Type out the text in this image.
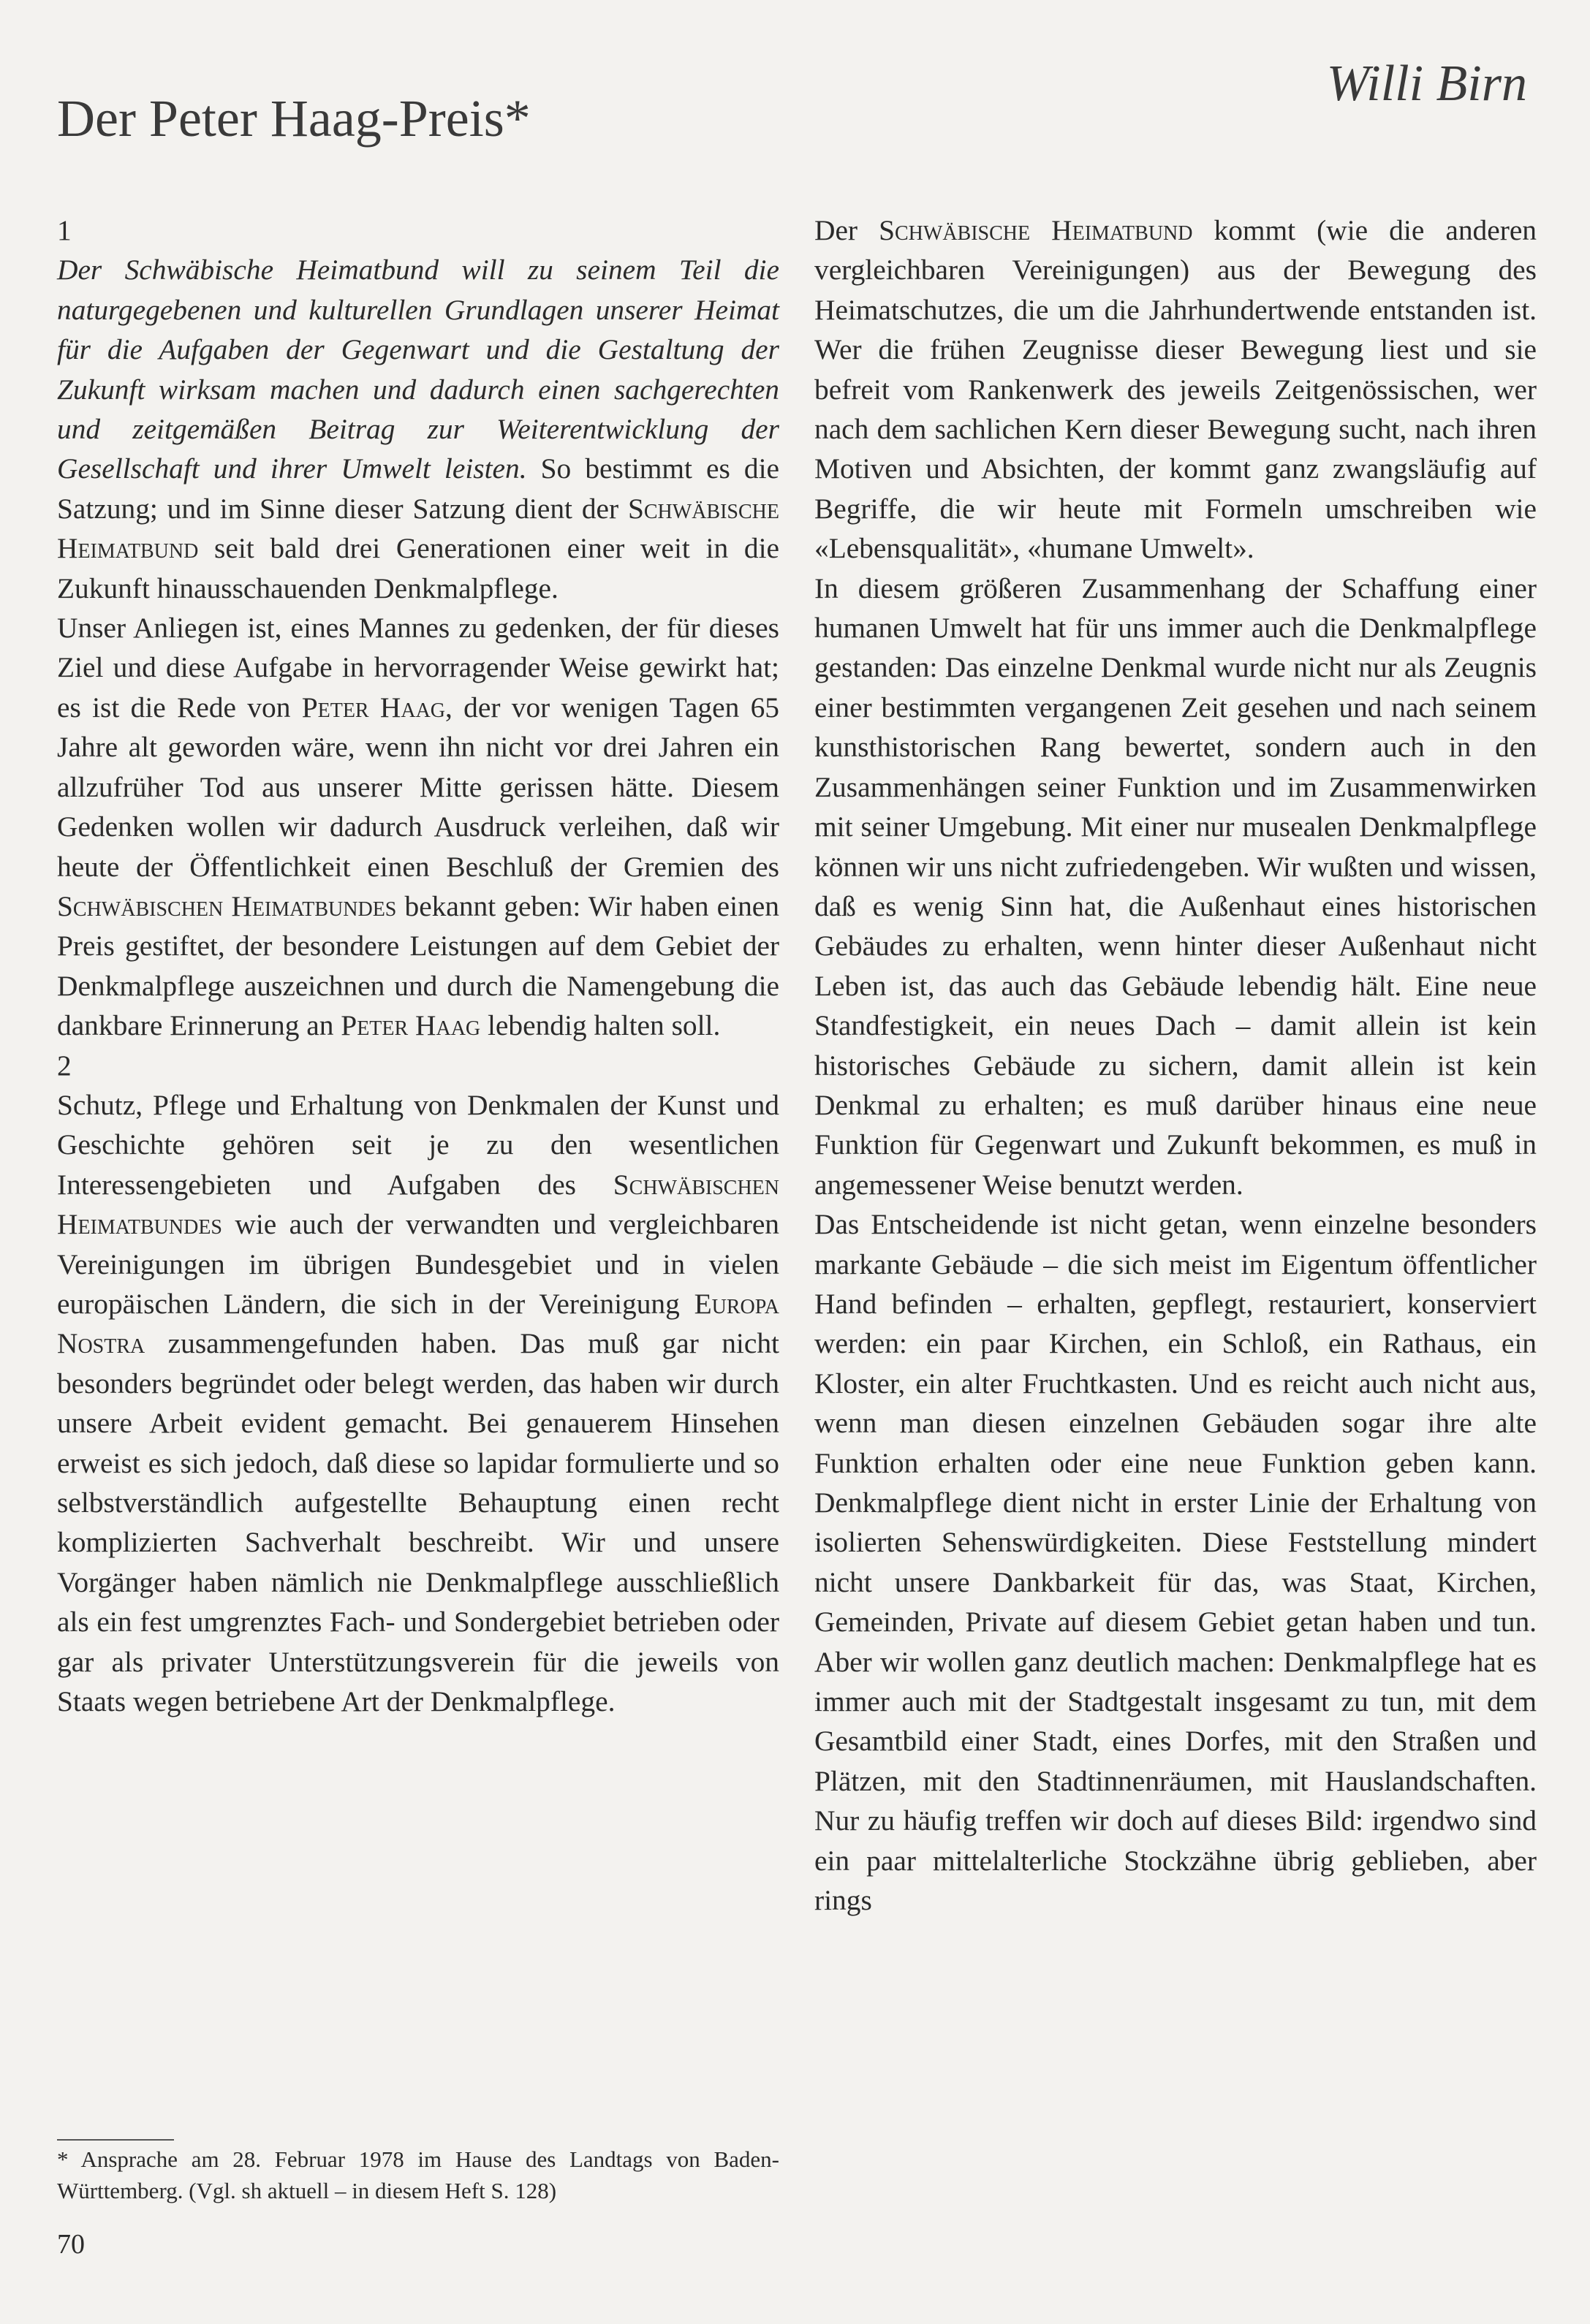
Der Peter Haag-Preis*
Willi Birn

1

Der Schwäbische Heimatbund will zu seinem Teil die naturgegebenen und kulturellen Grundlagen unserer Heimat für die Aufgaben der Gegenwart und die Gestaltung der Zukunft wirksam machen und dadurch einen sachgerechten und zeitgemäßen Beitrag zur Weiterentwicklung der Gesellschaft und ihrer Umwelt leisten. So bestimmt es die Satzung; und im Sinne dieser Satzung dient der Schwäbische Heimatbund seit bald drei Generationen einer weit in die Zukunft hinausschauenden Denkmalpflege.

Unser Anliegen ist, eines Mannes zu gedenken, der für dieses Ziel und diese Aufgabe in hervorragender Weise gewirkt hat; es ist die Rede von Peter Haag, der vor wenigen Tagen 65 Jahre alt geworden wäre, wenn ihn nicht vor drei Jahren ein allzufrüher Tod aus unserer Mitte gerissen hätte. Diesem Gedenken wollen wir dadurch Ausdruck verleihen, daß wir heute der Öffentlichkeit einen Beschluß der Gremien des Schwäbischen Heimatbundes bekannt geben: Wir haben einen Preis gestiftet, der besondere Leistungen auf dem Gebiet der Denkmalpflege auszeichnen und durch die Namengebung die dankbare Erinnerung an Peter Haag lebendig halten soll.

2

Schutz, Pflege und Erhaltung von Denkmalen der Kunst und Geschichte gehören seit je zu den wesentlichen Interessengebieten und Aufgaben des Schwäbischen Heimatbundes wie auch der verwandten und vergleichbaren Vereinigungen im übrigen Bundesgebiet und in vielen europäischen Ländern, die sich in der Vereinigung Europa Nostra zusammengefunden haben. Das muß gar nicht besonders begründet oder belegt werden, das haben wir durch unsere Arbeit evident gemacht. Bei genauerem Hinsehen erweist es sich jedoch, daß diese so lapidar formulierte und so selbstverständlich aufgestellte Behauptung einen recht komplizierten Sachverhalt beschreibt. Wir und unsere Vorgänger haben nämlich nie Denkmalpflege ausschließlich als ein fest umgrenztes Fach- und Sondergebiet betrieben oder gar als privater Unterstützungsverein für die jeweils von Staats wegen betriebene Art der Denkmalpflege.

Der Schwäbische Heimatbund kommt (wie die anderen vergleichbaren Vereinigungen) aus der Bewegung des Heimatschutzes, die um die Jahrhundertwende entstanden ist. Wer die frühen Zeugnisse dieser Bewegung liest und sie befreit vom Rankenwerk des jeweils Zeitgenössischen, wer nach dem sachlichen Kern dieser Bewegung sucht, nach ihren Motiven und Absichten, der kommt ganz zwangsläufig auf Begriffe, die wir heute mit Formeln umschreiben wie «Lebensqualität», «humane Umwelt».

In diesem größeren Zusammenhang der Schaffung einer humanen Umwelt hat für uns immer auch die Denkmalpflege gestanden: Das einzelne Denkmal wurde nicht nur als Zeugnis einer bestimmten vergangenen Zeit gesehen und nach seinem kunsthistorischen Rang bewertet, sondern auch in den Zusammenhängen seiner Funktion und im Zusammenwirken mit seiner Umgebung. Mit einer nur musealen Denkmalpflege können wir uns nicht zufriedengeben. Wir wußten und wissen, daß es wenig Sinn hat, die Außenhaut eines historischen Gebäudes zu erhalten, wenn hinter dieser Außenhaut nicht Leben ist, das auch das Gebäude lebendig hält. Eine neue Standfestigkeit, ein neues Dach – damit allein ist kein historisches Gebäude zu sichern, damit allein ist kein Denkmal zu erhalten; es muß darüber hinaus eine neue Funktion für Gegenwart und Zukunft bekommen, es muß in angemessener Weise benutzt werden.

Das Entscheidende ist nicht getan, wenn einzelne besonders markante Gebäude – die sich meist im Eigentum öffentlicher Hand befinden – erhalten, gepflegt, restauriert, konserviert werden: ein paar Kirchen, ein Schloß, ein Rathaus, ein Kloster, ein alter Fruchtkasten. Und es reicht auch nicht aus, wenn man diesen einzelnen Gebäuden sogar ihre alte Funktion erhalten oder eine neue Funktion geben kann. Denkmalpflege dient nicht in erster Linie der Erhaltung von isolierten Sehenswürdigkeiten. Diese Feststellung mindert nicht unsere Dankbarkeit für das, was Staat, Kirchen, Gemeinden, Private auf diesem Gebiet getan haben und tun. Aber wir wollen ganz deutlich machen: Denkmalpflege hat es immer auch mit der Stadtgestalt insgesamt zu tun, mit dem Gesamtbild einer Stadt, eines Dorfes, mit den Straßen und Plätzen, mit den Stadtinnenräumen, mit Hauslandschaften. Nur zu häufig treffen wir doch auf dieses Bild: irgendwo sind ein paar mittelalterliche Stockzähne übrig geblieben, aber rings

* Ansprache am 28. Februar 1978 im Hause des Landtags von Baden-Württemberg. (Vgl. sh aktuell – in diesem Heft S. 128)
70
